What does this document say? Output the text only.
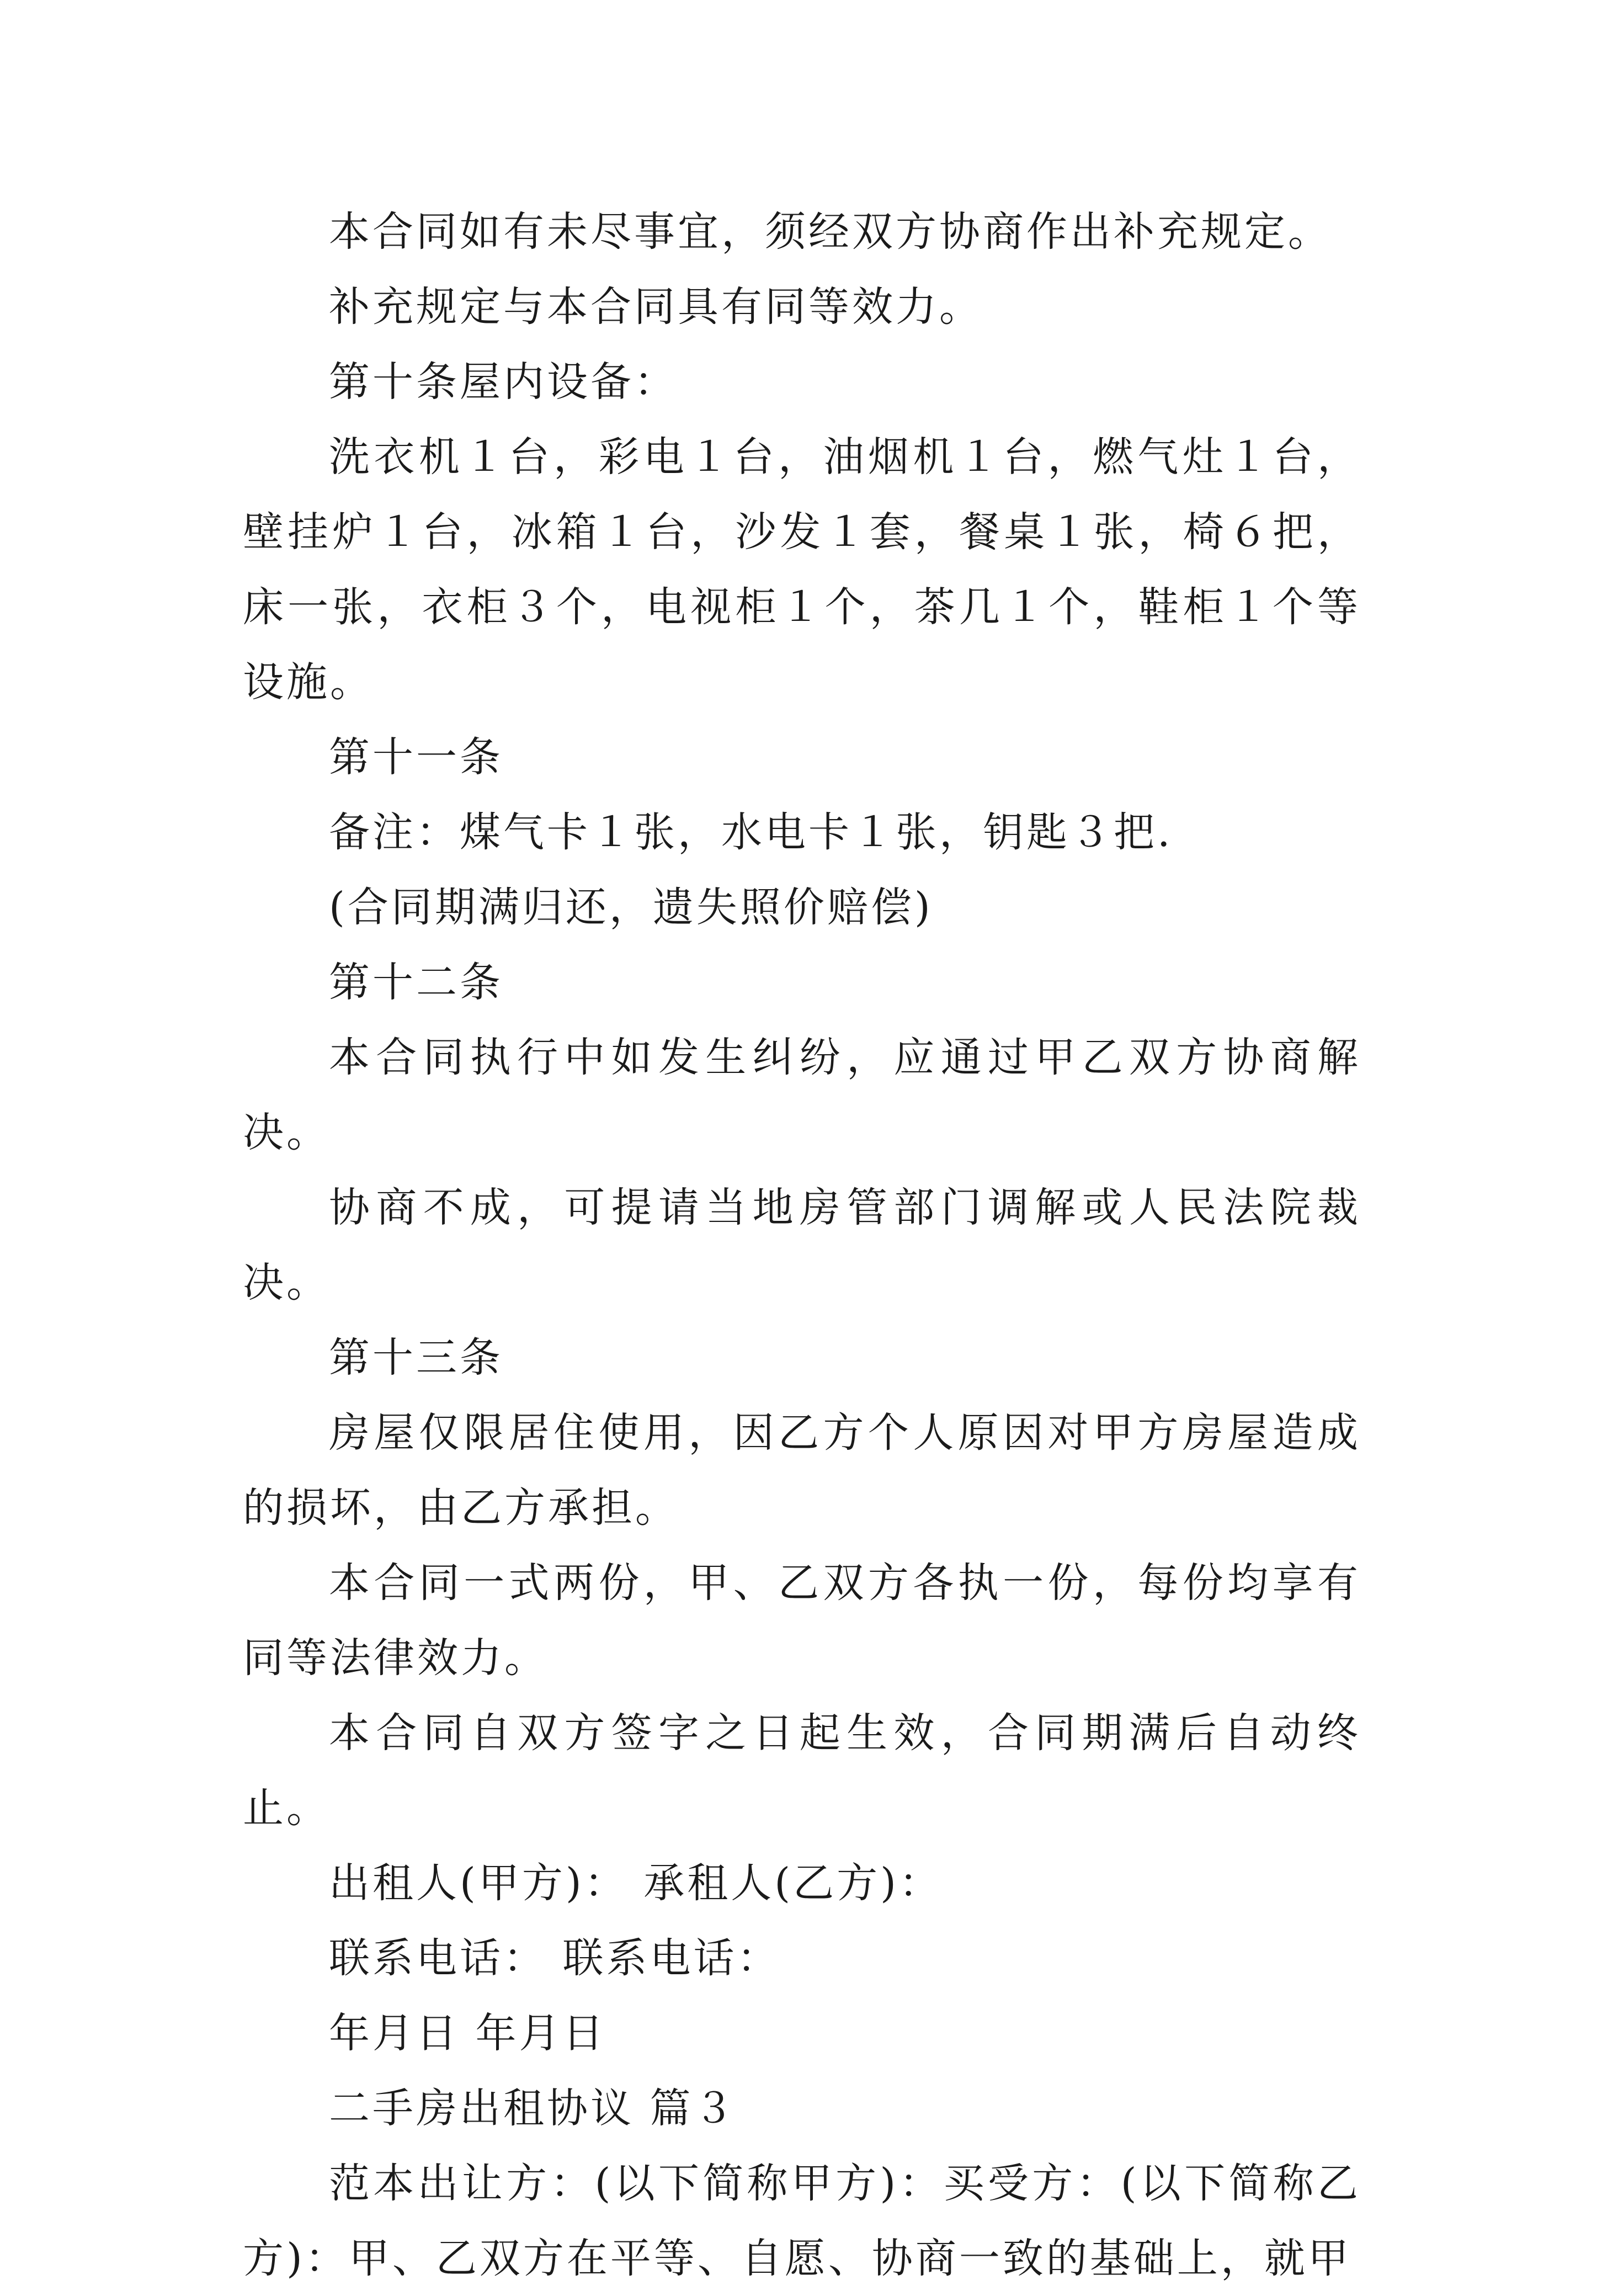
本合同如有未尽事宜，须经双方协商作出补充规定。

补充规定与本合同具有同等效力。

第十条屋内设备：

洗衣机１台，彩电１台，油烟机１台，燃气灶１台，壁挂炉１台，冰箱１台，沙发１套，餐桌１张，椅６把，床一张，衣柜３个，电视柜１个，茶几１个，鞋柜１个等设施。

第十一条

备注：煤气卡１张，水电卡１张，钥匙３把.

(合同期满归还，遗失照价赔偿)

第十二条

本合同执行中如发生纠纷，应通过甲乙双方协商解决。

协商不成，可提请当地房管部门调解或人民法院裁决。

第十三条

房屋仅限居住使用，因乙方个人原因对甲方房屋造成的损坏，由乙方承担。

本合同一式两份，甲、乙双方各执一份，每份均享有同等法律效力。

本合同自双方签字之日起生效，合同期满后自动终止。

出租人(甲方)： 承租人(乙方)：

联系电话： 联系电话：

年月日 年月日

二手房出租协议 篇３

范本出让方：(以下简称甲方)：买受方：(以下简称乙方)：甲、乙双方在平等、自愿、协商一致的基础上，就甲
